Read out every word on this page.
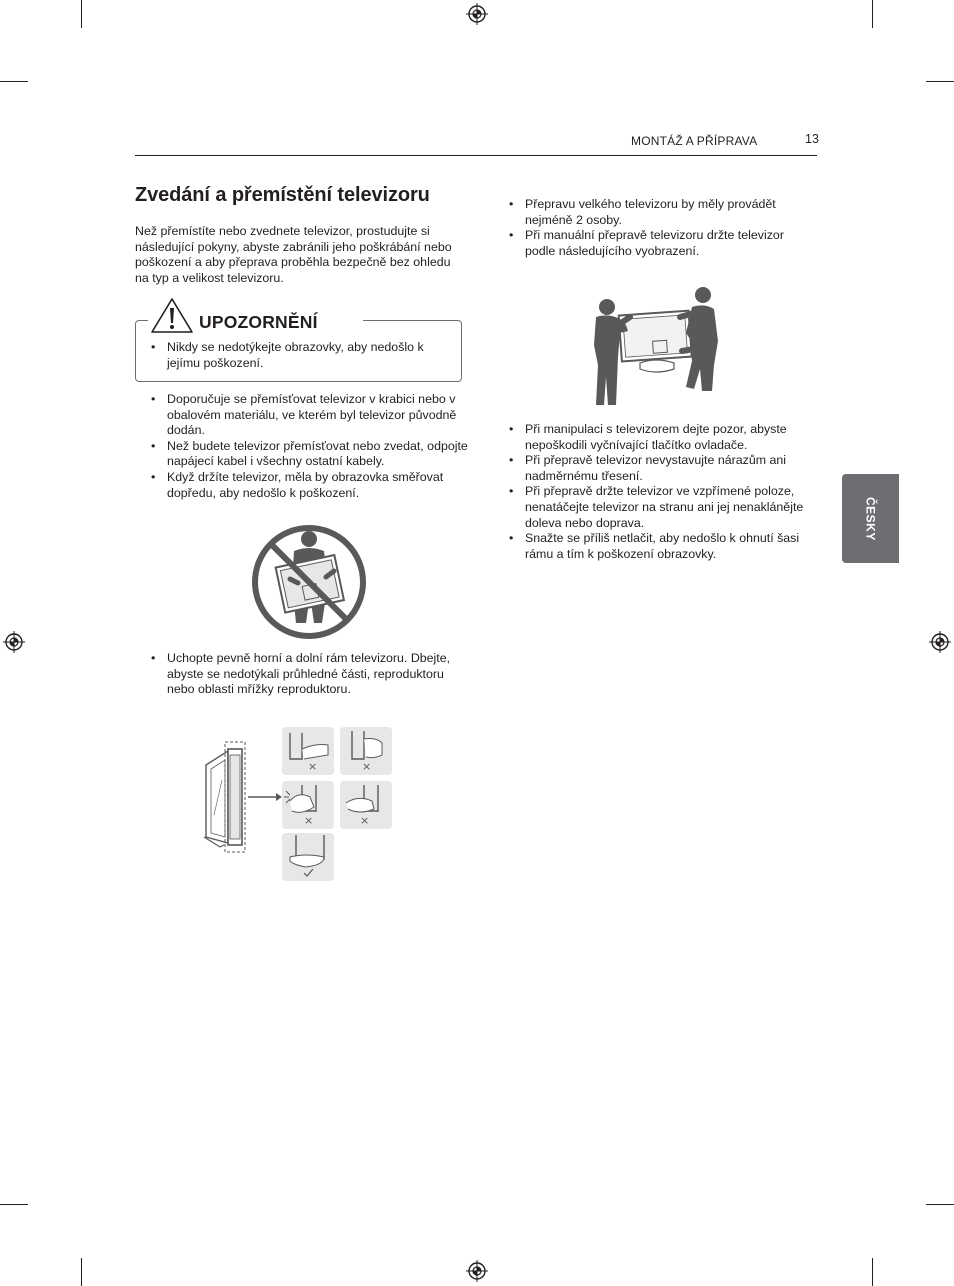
MONTÁŽ A PŘÍPRAVA	13
Zvedání a přemístění televizoru

Než přemístíte nebo zvednete televizor, prostudujte si následující pokyny, abyste zabránili jeho poškrábání nebo poškození a aby přeprava proběhla bezpečně bez ohledu na typ a velikost televizoru.

UPOZORNĚNÍ
• Nikdy se nedotýkejte obrazovky, aby nedošlo k jejímu poškození.
• Doporučuje se přemísťovat televizor v krabici nebo v obalovém materiálu, ve kterém byl televizor původně dodán.
• Než budete televizor přemísťovat nebo zvedat, odpojte napájecí kabel i všechny ostatní kabely.
• Když držíte televizor, měla by obrazovka směřovat dopředu, aby nedošlo k poškození.
• Uchopte pevně horní a dolní rám televizoru. Dbejte, abyste se nedotýkali průhledné části, reproduktoru nebo oblasti mřížky reproduktoru.
×	×
×	×
• Přepravu velkého televizoru by měly provádět nejméně 2 osoby.
• Při manuální přepravě televizoru držte televizor podle následujícího vyobrazení.
• Při manipulaci s televizorem dejte pozor, abyste nepoškodili vyčnívající tlačítko ovladače.
• Při přepravě televizor nevystavujte nárazům ani nadměrnému třesení.
• Při přepravě držte televizor ve vzpřímené poloze, nenatáčejte televizor na stranu ani jej nenaklánějte doleva nebo doprava.
• Snažte se příliš netlačit, aby nedošlo k ohnutí šasi rámu a tím k poškození obrazovky.
ČESKY
